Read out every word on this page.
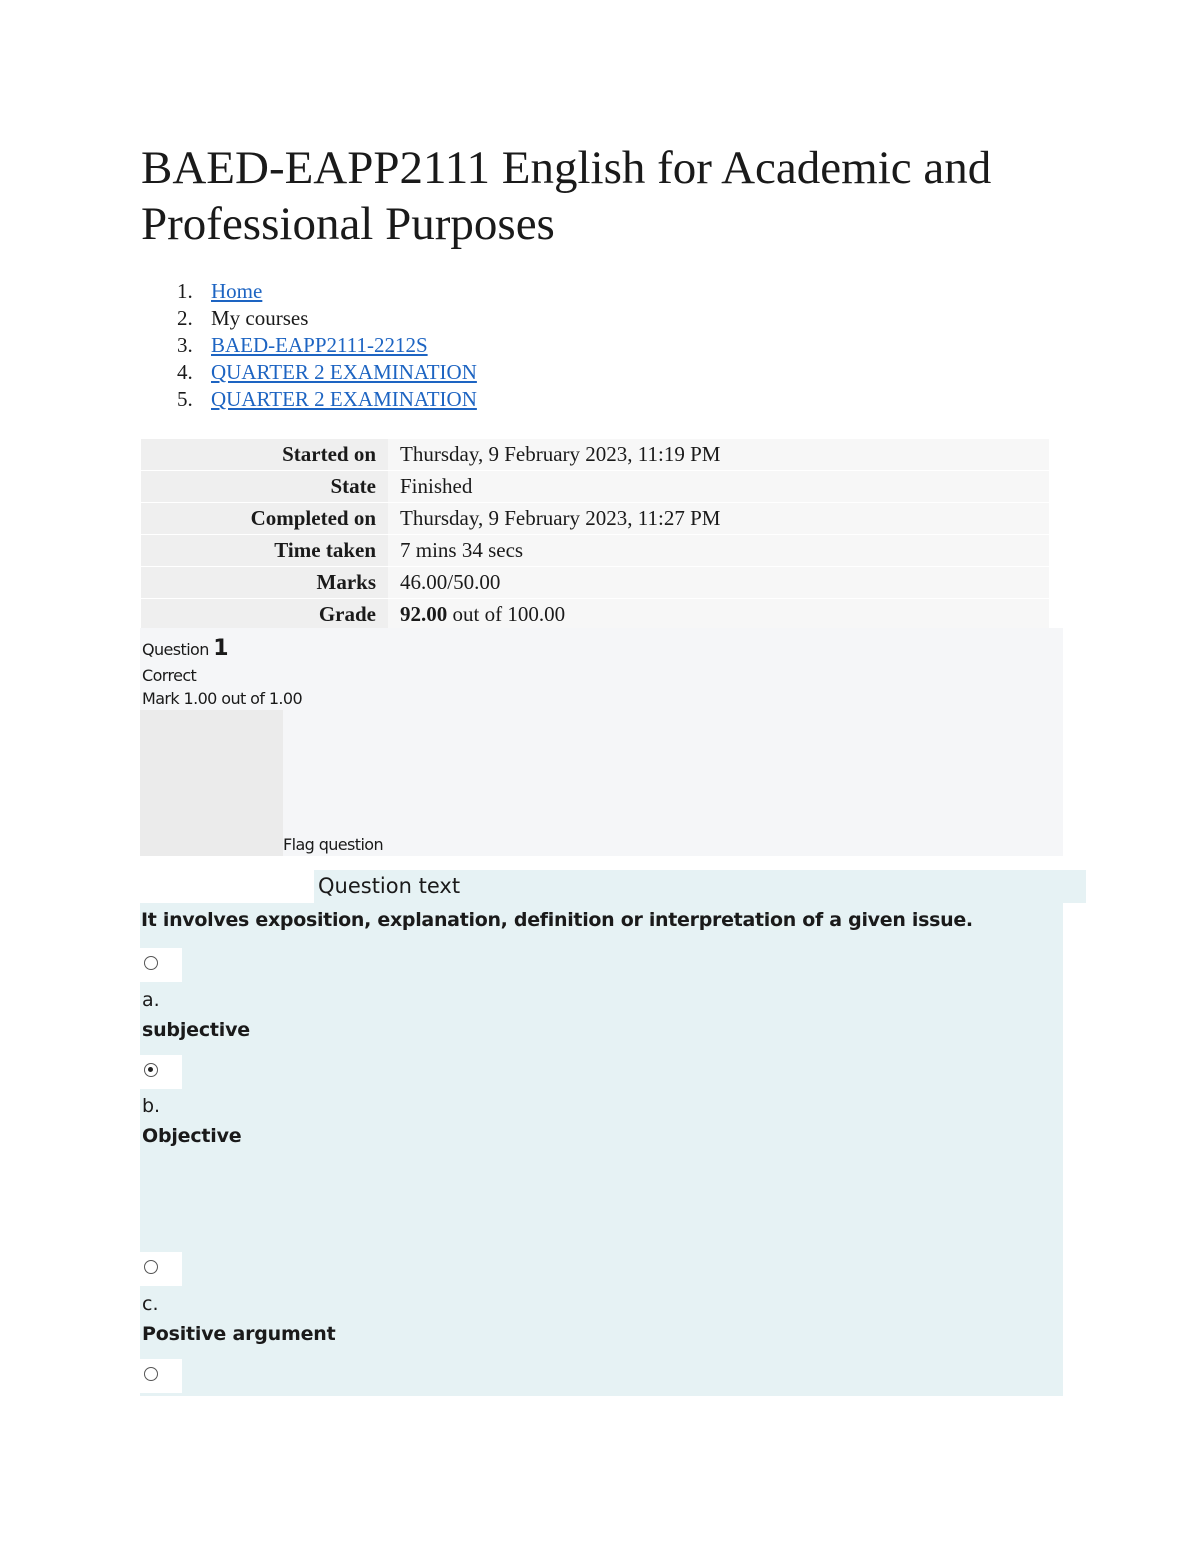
BAED-EAPP2111 English for Academic and Professional Purposes
1. Home
2. My courses
3. BAED-EAPP2111-2212S
4. QUARTER 2 EXAMINATION
5. QUARTER 2 EXAMINATION
Started on	Thursday, 9 February 2023, 11:19 PM
State	Finished
Completed on	Thursday, 9 February 2023, 11:27 PM
Time taken	7 mins 34 secs
Marks	46.00/50.00
Grade	92.00 out of 100.00
Question 1
Correct
Mark 1.00 out of 1.00
Flag question
Question text
It involves exposition, explanation, definition or interpretation of a given issue.
a.
subjective
b.
Objective
c.
Positive argument
